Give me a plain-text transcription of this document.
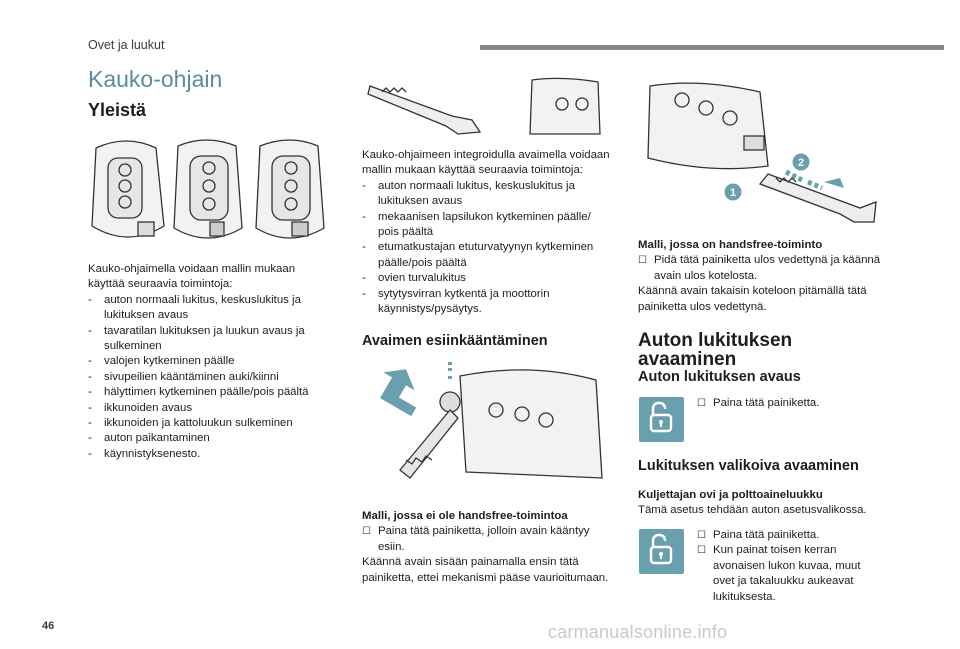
Ovet ja luukut
Kauko-ohjain
Yleistä

Kauko-ohjaimella voidaan mallin mukaan käyttää seuraavia toimintoja:

- auton normaali lukitus, keskuslukitus ja lukituksen avaus
- tavaratilan lukituksen ja luukun avaus ja sulkeminen
- valojen kytkeminen päälle
- sivupeilien kääntäminen auki/kiinni
- hälyttimen kytkeminen päälle/pois päältä
- ikkunoiden avaus
- ikkunoiden ja kattoluukun sulkeminen
- auton paikantaminen
- käynnistyksenesto.

Kauko-ohjaimeen integroidulla avaimella voidaan mallin mukaan käyttää seuraavia toimintoja:

- auton normaali lukitus, keskuslukitus ja lukituksen avaus
- mekaanisen lapsilukon kytkeminen päälle/ pois päältä
- etumatkustajan etuturvatyynyn kytkeminen päälle/pois päältä
- ovien turvalukitus
- sytytysvirran kytkentä ja moottorin käynnistys/pysäytys.
Avaimen esiinkääntäminen

Malli, jossa ei ole handsfree-toimintoa

☐ Paina tätä painiketta, jolloin avain kääntyy esiin.

Käännä avain sisään painamalla ensin tätä painiketta, ettei mekanismi pääse vaurioitumaan.

1
2

Malli, jossa on handsfree-toiminto

☐ Pidä tätä painiketta ulos vedettynä ja käännä avain ulos kotelosta.

Käännä avain takaisin koteloon pitämällä tätä painiketta ulos vedettynä.

Auton lukituksen avaaminen
Auton lukituksen avaus
☐ Paina tätä painiketta.
Lukituksen valikoiva avaaminen

Kuljettajan ovi ja polttoaineluukku

Tämä asetus tehdään auton asetusvalikossa.

☐ Paina tätä painiketta.
☐ Kun painat toisen kerran avonaisen lukon kuvaa, muut ovet ja takaluukku aukeavat lukituksesta.
46	carmanualsonline.info
